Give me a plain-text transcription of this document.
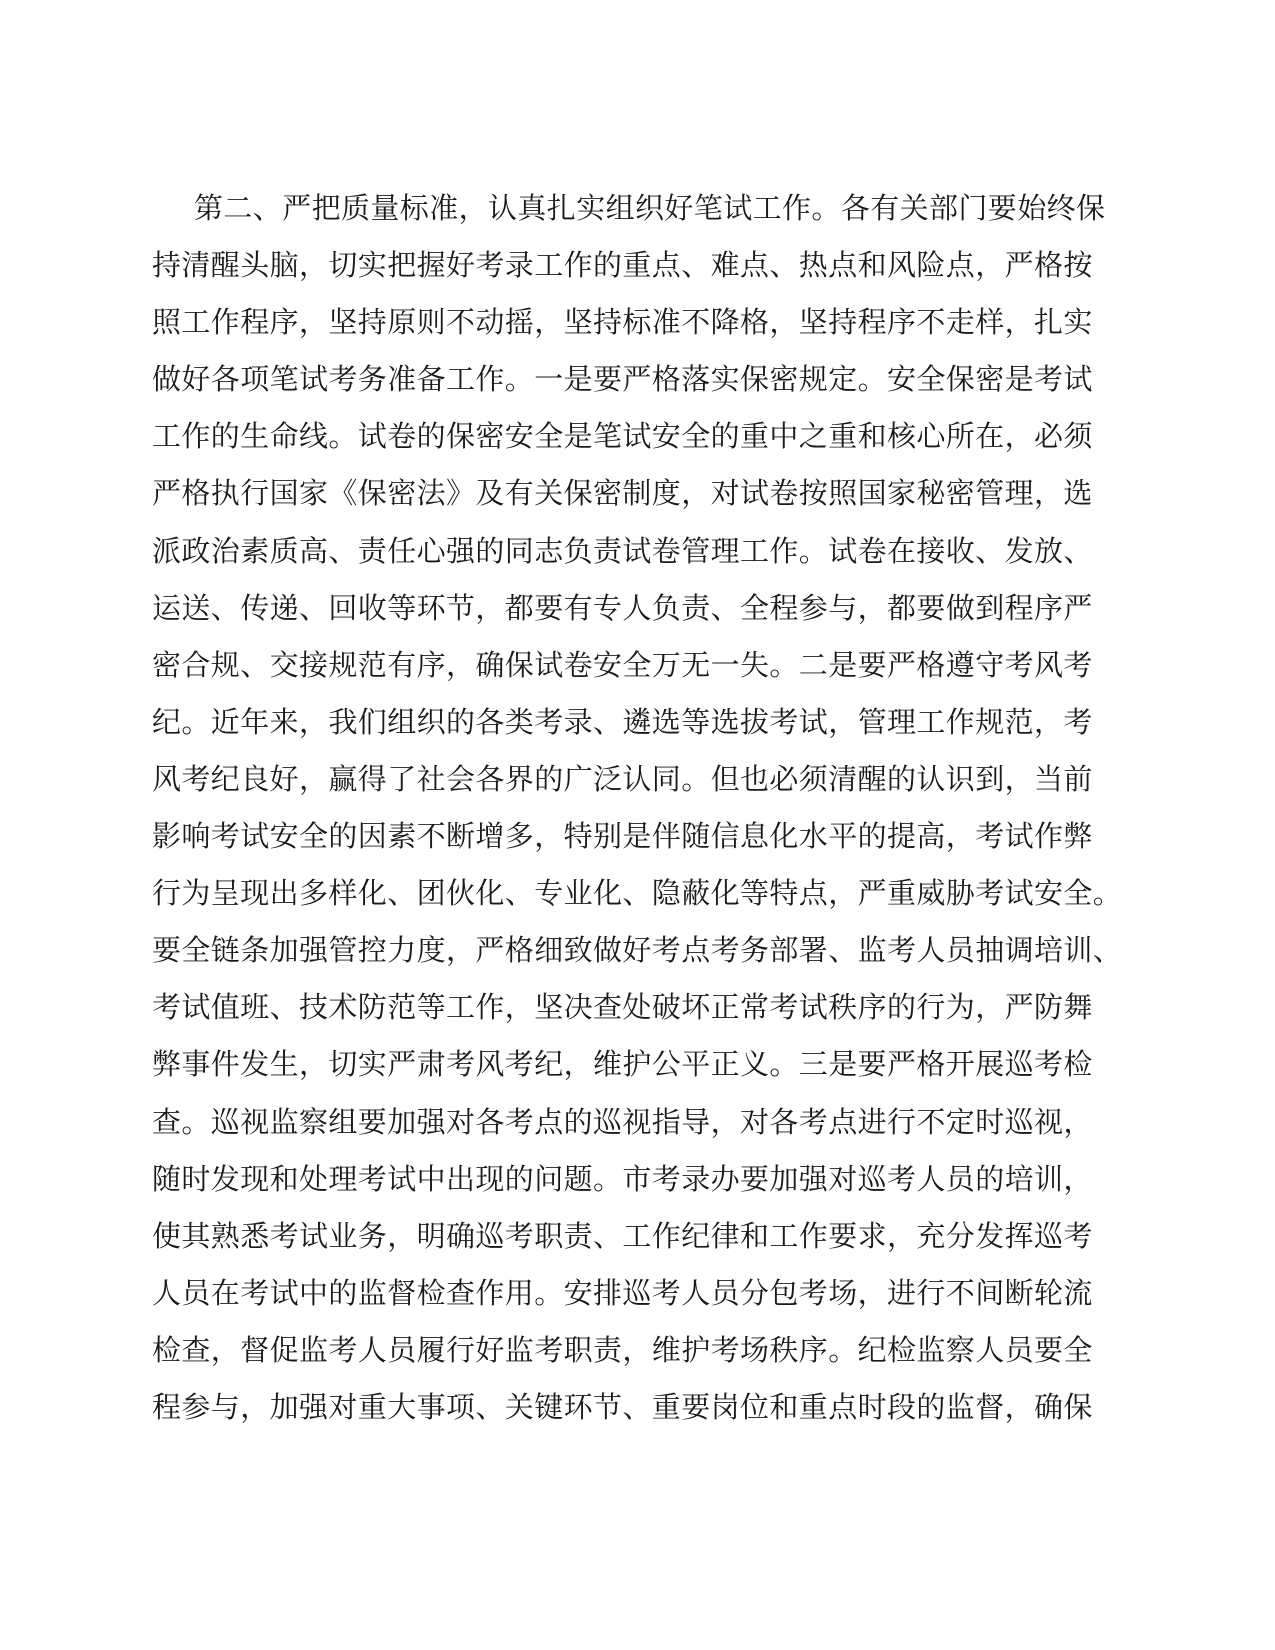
第二、严把质量标准，认真扎实组织好笔试工作。各有关部门要始终保
持清醒头脑，切实把握好考录工作的重点、难点、热点和风险点，严格按
照工作程序，坚持原则不动摇，坚持标准不降格，坚持程序不走样，扎实
做好各项笔试考务准备工作。一是要严格落实保密规定。安全保密是考试
工作的生命线。试卷的保密安全是笔试安全的重中之重和核心所在，必须
严格执行国家《保密法》及有关保密制度，对试卷按照国家秘密管理，选
派政治素质高、责任心强的同志负责试卷管理工作。试卷在接收、发放、
运送、传递、回收等环节，都要有专人负责、全程参与，都要做到程序严
密合规、交接规范有序，确保试卷安全万无一失。二是要严格遵守考风考
纪。近年来，我们组织的各类考录、遴选等选拔考试，管理工作规范，考
风考纪良好，赢得了社会各界的广泛认同。但也必须清醒的认识到，当前
影响考试安全的因素不断增多，特别是伴随信息化水平的提高，考试作弊
行为呈现出多样化、团伙化、专业化、隐蔽化等特点，严重威胁考试安全。
要全链条加强管控力度，严格细致做好考点考务部署、监考人员抽调培训、
考试值班、技术防范等工作，坚决查处破坏正常考试秩序的行为，严防舞
弊事件发生，切实严肃考风考纪，维护公平正义。三是要严格开展巡考检
查。巡视监察组要加强对各考点的巡视指导，对各考点进行不定时巡视，
随时发现和处理考试中出现的问题。市考录办要加强对巡考人员的培训，
使其熟悉考试业务，明确巡考职责、工作纪律和工作要求，充分发挥巡考
人员在考试中的监督检查作用。安排巡考人员分包考场，进行不间断轮流
检查，督促监考人员履行好监考职责，维护考场秩序。纪检监察人员要全
程参与，加强对重大事项、关键环节、重要岗位和重点时段的监督，确保
